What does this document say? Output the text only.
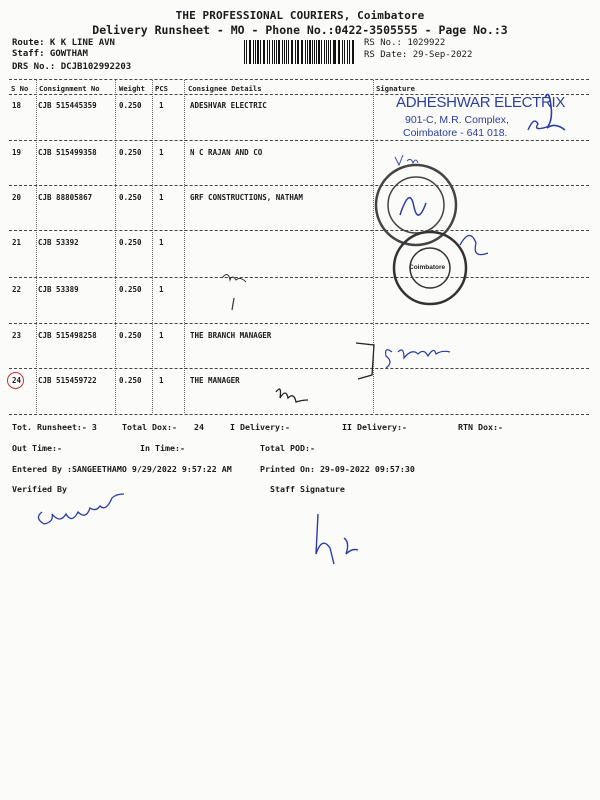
THE PROFESSIONAL COURIERS, Coimbatore
Delivery Runsheet - MO - Phone No.:0422-3505555 - Page No.:3
Route: K K LINE AVN
Staff: GOWTHAM
DRS No.: DCJB102992203
RS No.: 1029922
RS Date: 29-Sep-2022
S No Consignment No	Weight PCS	Consignee Details	Signature
18 CJB 515445359	0.250 1	ADESHVAR ELECTRIC
19 CJB 515499358	0.250 1	N C RAJAN AND CO
20 CJB 88805867	0.250 1	GRF CONSTRUCTIONS, NATHAM
21 CJB 53392	0.250 1
22 CJB 53389	0.250 1
23 CJB 515498258	0.250 1	THE BRANCH MANAGER
24 CJB 515459722	0.250 1	THE MANAGER
ADHESHWAR ELECTRIX
901-C, M.R. Complex,
Coimbatore - 641 018.
Coimbatore
Tot. Runsheet:- 3	Total Dox:- 24	I Delivery:-	II Delivery:-	RTN Dox:-
Out Time:-	In Time:-	Total POD:-
Entered By :SANGEETHAMO 9/29/2022 9:57:22 AM	Printed On: 29-09-2022 09:57:30
Verified By	Staff Signature
